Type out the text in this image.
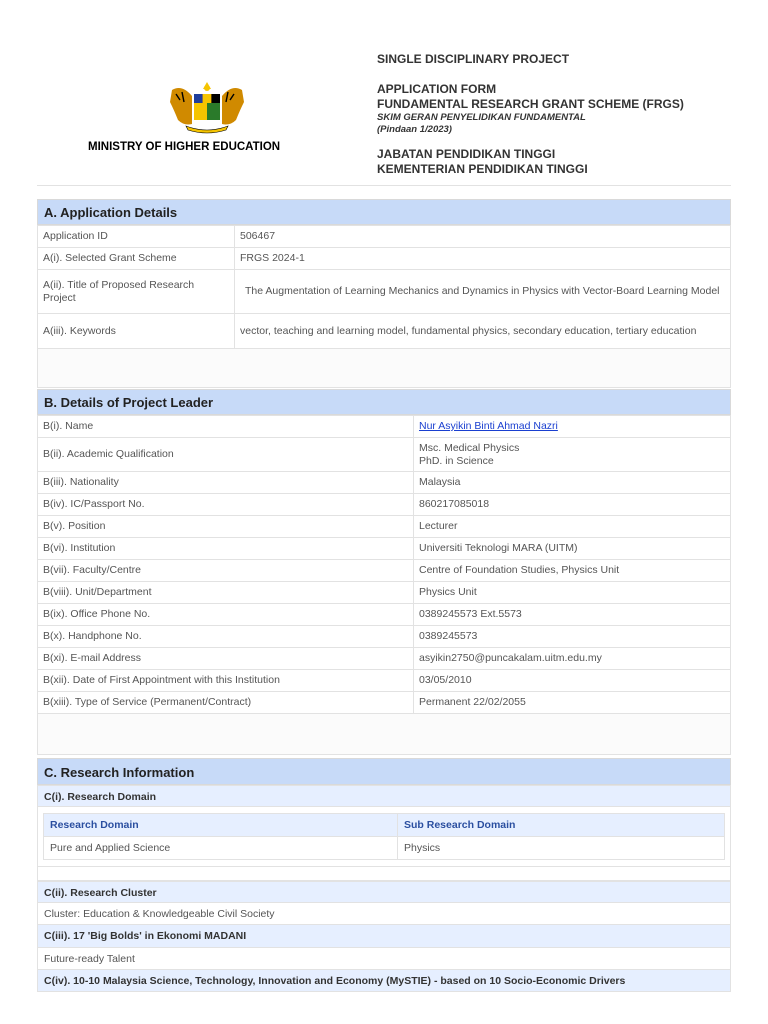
MINISTRY OF HIGHER EDUCATION
SINGLE DISCIPLINARY PROJECT
APPLICATION FORM
FUNDAMENTAL RESEARCH GRANT SCHEME (FRGS)
SKIM GERAN PENYELIDIKAN FUNDAMENTAL
(Pindaan 1/2023)
JABATAN PENDIDIKAN TINGGI
KEMENTERIAN PENDIDIKAN TINGGI
A. Application Details
Application ID	506467
A(i). Selected Grant Scheme	FRGS 2024-1
A(ii). Title of Proposed Research Project	The Augmentation of Learning Mechanics and Dynamics in Physics with Vector-Board Learning Model
A(iii). Keywords	vector, teaching and learning model, fundamental physics, secondary education, tertiary education
B. Details of Project Leader
B(i). Name	Nur Asyikin Binti Ahmad Nazri
B(ii). Academic Qualification	Msc. Medical Physics
PhD. in Science

B(iii). Nationality	Malaysia
B(iv). IC/Passport No.	860217085018
B(v). Position	Lecturer
B(vi). Institution	Universiti Teknologi MARA (UITM)
B(vii). Faculty/Centre	Centre of Foundation Studies, Physics Unit
B(viii). Unit/Department	Physics Unit
B(ix). Office Phone No.	0389245573 Ext.5573
B(x). Handphone No.	0389245573
B(xi). E-mail Address	asyikin2750@puncakalam.uitm.edu.my
B(xii). Date of First Appointment with this Institution	03/05/2010
B(xiii). Type of Service (Permanent/Contract)	Permanent 22/02/2055
C. Research Information
C(i). Research Domain
Research Domain	Sub Research Domain
Pure and Applied Science	Physics
C(ii). Research Cluster
Cluster: Education & Knowledgeable Civil Society
C(iii). 17 'Big Bolds' in Ekonomi MADANI
Future-ready Talent
C(iv). 10-10 Malaysia Science, Technology, Innovation and Economy (MySTIE) - based on 10 Socio-Economic Drivers
